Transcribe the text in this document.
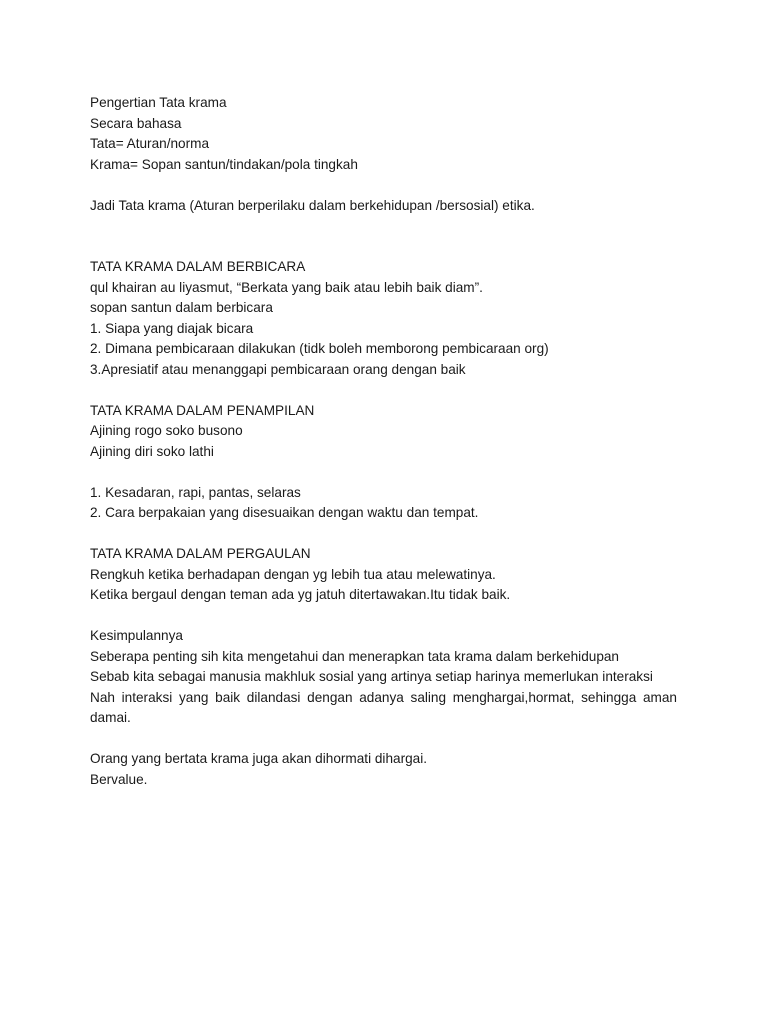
Pengertian Tata krama
Secara bahasa
Tata= Aturan/norma
Krama= Sopan santun/tindakan/pola tingkah
Jadi Tata krama (Aturan berperilaku dalam berkehidupan /bersosial) etika.
TATA KRAMA DALAM BERBICARA
qul khairan au liyasmut, “Berkata yang baik atau lebih baik diam”.
sopan santun dalam berbicara
1. Siapa yang diajak bicara
2. Dimana pembicaraan dilakukan (tidk boleh memborong pembicaraan org)
3.Apresiatif atau menanggapi pembicaraan orang dengan baik
TATA KRAMA DALAM PENAMPILAN
Ajining rogo soko busono
Ajining diri soko lathi
1. Kesadaran, rapi, pantas, selaras
2. Cara berpakaian yang disesuaikan dengan waktu dan tempat.
TATA KRAMA DALAM PERGAULAN
Rengkuh ketika berhadapan dengan yg lebih tua atau melewatinya.
Ketika bergaul dengan teman ada yg jatuh ditertawakan.Itu tidak baik.
Kesimpulannya
Seberapa penting sih kita mengetahui dan menerapkan tata krama dalam berkehidupan
Sebab kita sebagai manusia makhluk sosial yang artinya setiap harinya memerlukan interaksi
Nah interaksi yang baik dilandasi dengan adanya saling menghargai,hormat, sehingga aman damai.
Orang yang bertata krama juga akan dihormati dihargai.
Bervalue.
